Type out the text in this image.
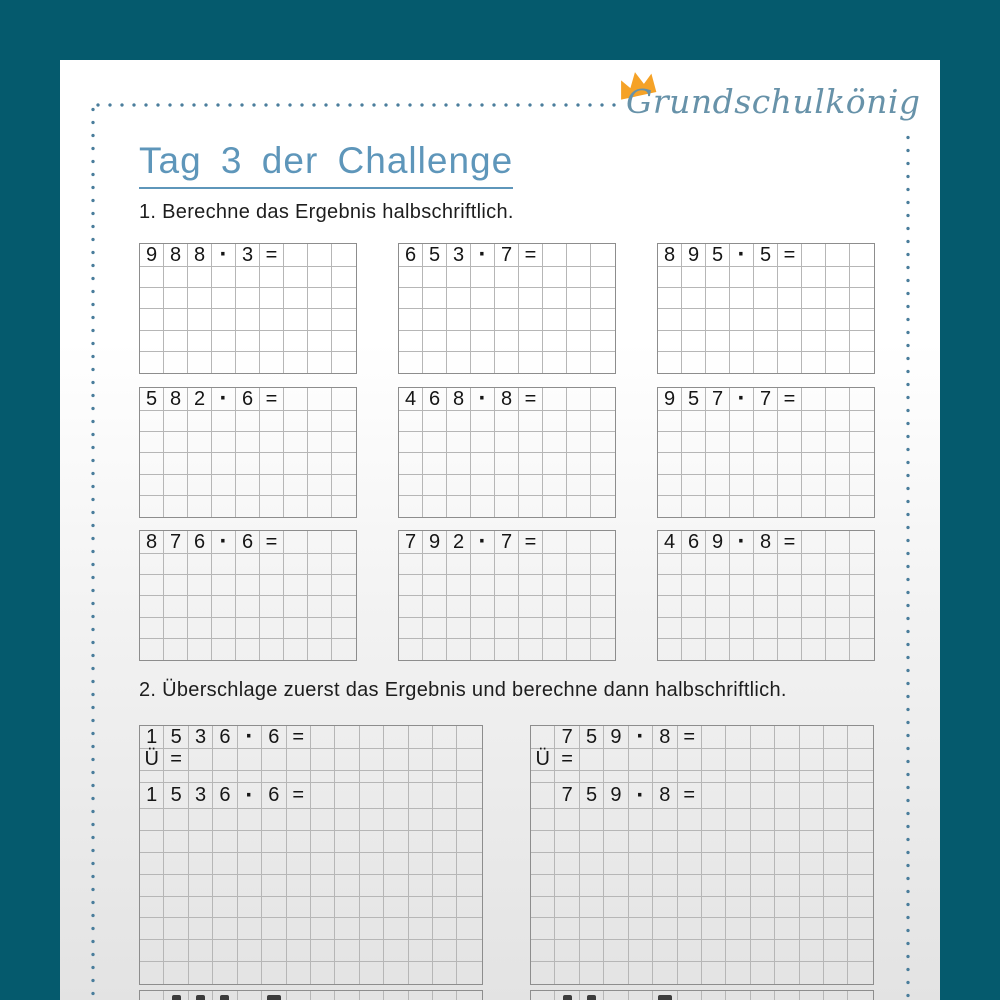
Grundschulkönig
Tag 3 der Challenge
1. Berechne das Ergebnis halbschriftlich.
9 8 8 · 3 =	6 5 3 · 7 =	8 9 5 · 5 =
5 8 2 · 6 =	4 6 8 · 8 =	9 5 7 · 7 =
8 7 6 · 6 =	7 9 2 · 7 =	4 6 9 · 8 =
2. Überschlage zuerst das Ergebnis und berechne dann halbschriftlich.
1 5 3 6 · 6 =
Ü =
1 5 3 6 · 6 =
7 5 9 · 8 =
Ü =
7 5 9 · 8 =
